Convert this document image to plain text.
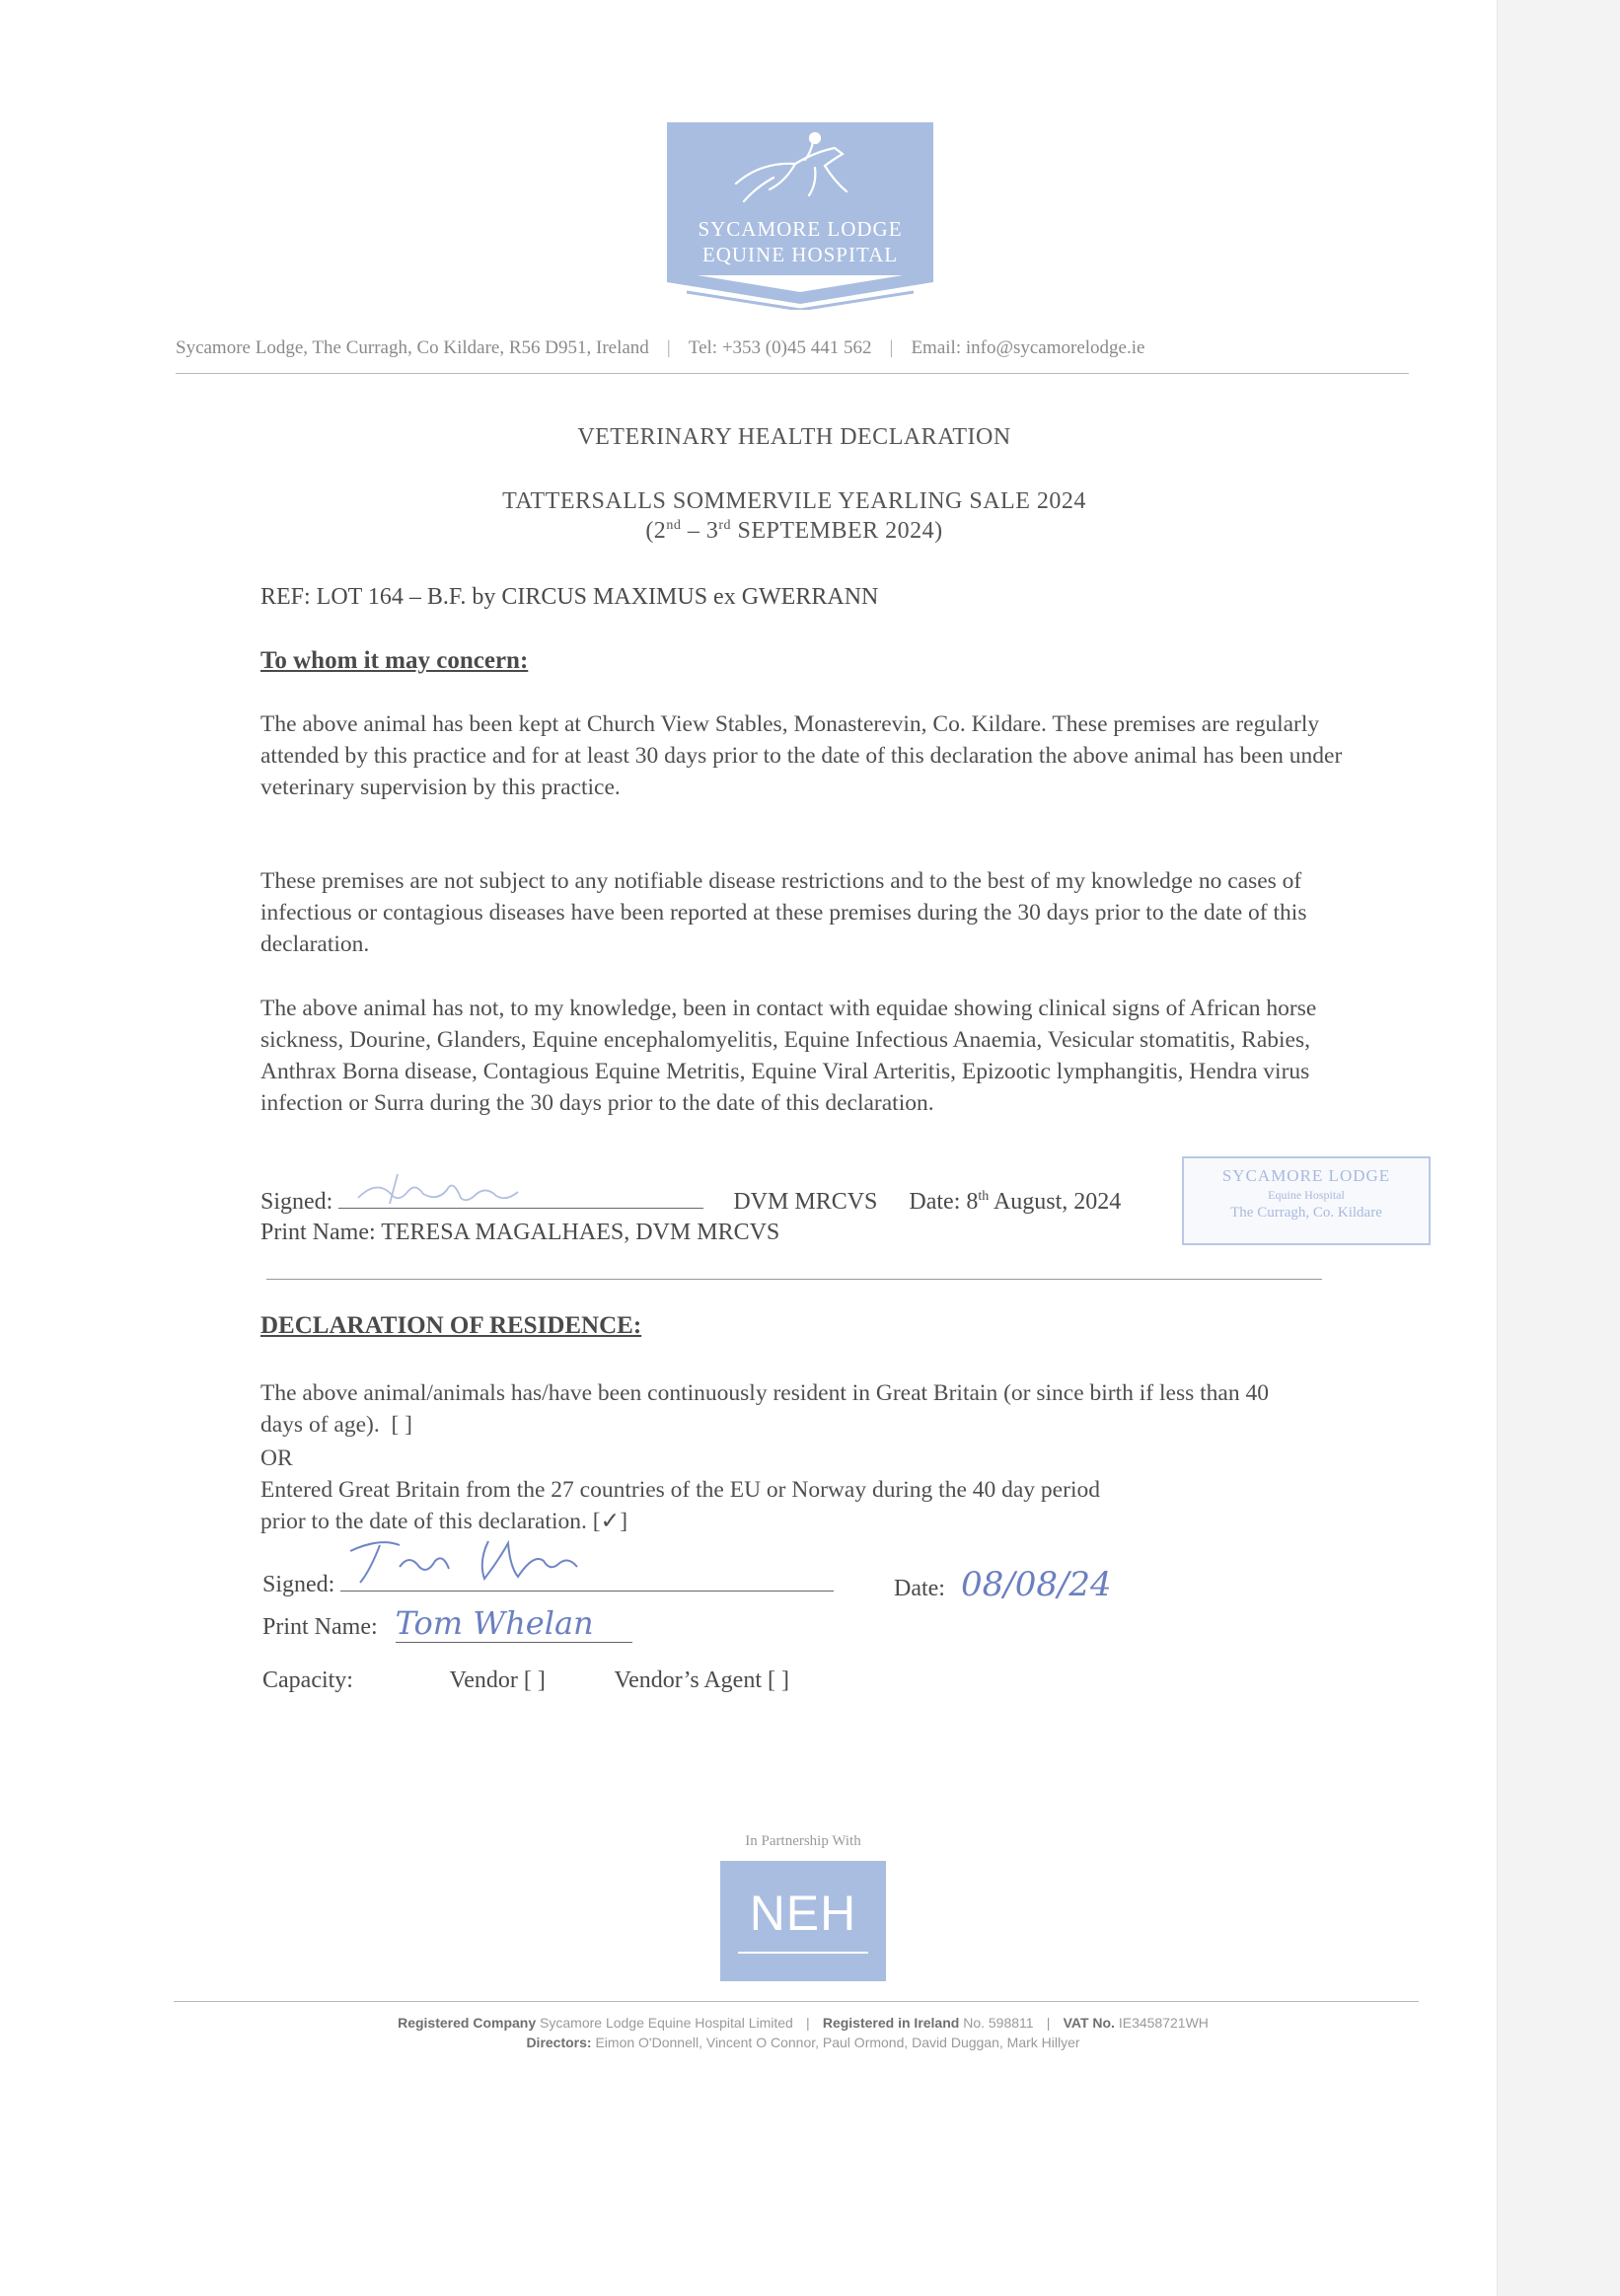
SYCAMORE LODGE
EQUINE HOSPITAL
Sycamore Lodge, The Curragh, Co Kildare, R56 D951, Ireland | Tel: +353 (0)45 441 562 | Email: info@sycamorelodge.ie
VETERINARY HEALTH DECLARATION
TATTERSALLS SOMMERVILE YEARLING SALE 2024
(2nd – 3rd SEPTEMBER 2024)
REF: LOT 164 – B.F. by CIRCUS MAXIMUS ex GWERRANN
To whom it may concern:
The above animal has been kept at Church View Stables, Monasterevin, Co. Kildare. These premises are regularly attended by this practice and for at least 30 days prior to the date of this declaration the above animal has been under veterinary supervision by this practice.
These premises are not subject to any notifiable disease restrictions and to the best of my knowledge no cases of infectious or contagious diseases have been reported at these premises during the 30 days prior to the date of this declaration.
The above animal has not, to my knowledge, been in contact with equidae showing clinical signs of African horse sickness, Dourine, Glanders, Equine encephalomyelitis, Equine Infectious Anaemia, Vesicular stomatitis, Rabies, Anthrax Borna disease, Contagious Equine Metritis, Equine Viral Arteritis, Epizootic lymphangitis, Hendra virus infection or Surra during the 30 days prior to the date of this declaration.
Signed:	DVM MRCVS Date: 8th August, 2024
Print Name: TERESA MAGALHAES, DVM MRCVS
SYCAMORE LODGE
Equine Hospital
The Curragh, Co. Kildare
DECLARATION OF RESIDENCE:
The above animal/animals has/have been continuously resident in Great Britain (or since birth if less than 40 days of age). [ ]
OR
Entered Great Britain from the 27 countries of the EU or Norway during the 40 day period
prior to the date of this declaration. [✓]
Signed:	Date: 08/08/24
Print Name: Tom Whelan
Capacity:	Vendor [ ]	Vendor’s Agent [ ]
In Partnership With
NEH
Registered Company Sycamore Lodge Equine Hospital Limited | Registered in Ireland No. 598811 | VAT No. IE3458721WH
Directors: Eimon O'Donnell, Vincent O Connor, Paul Ormond, David Duggan, Mark Hillyer
